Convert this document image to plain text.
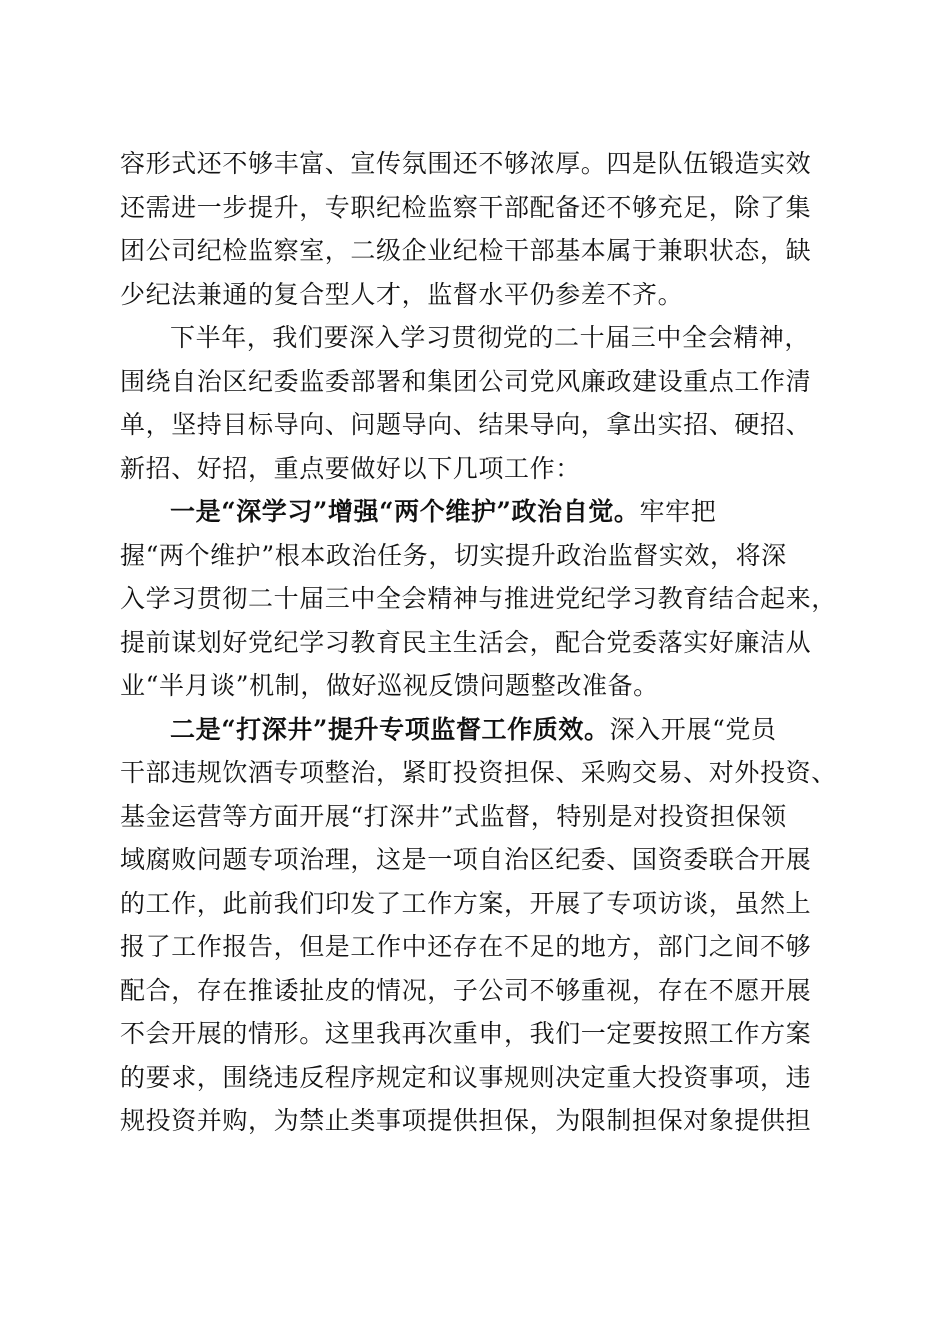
容形式还不够丰富、宣传氛围还不够浓厚。四是队伍锻造实效
还需进一步提升，专职纪检监察干部配备还不够充足，除了集
团公司纪检监察室，二级企业纪检干部基本属于兼职状态，缺
少纪法兼通的复合型人才，监督水平仍参差不齐。
下半年，我们要深入学习贯彻党的二十届三中全会精神，
围绕自治区纪委监委部署和集团公司党风廉政建设重点工作清
单，坚持目标导向、问题导向、结果导向，拿出实招、硬招、
新招、好招，重点要做好以下几项工作：
一是“深学习”增强“两个维护”政治自觉。牢牢把
握“两个维护”根本政治任务，切实提升政治监督实效，将深
入学习贯彻二十届三中全会精神与推进党纪学习教育结合起来，
提前谋划好党纪学习教育民主生活会，配合党委落实好廉洁从
业“半月谈”机制，做好巡视反馈问题整改准备。
二是“打深井”提升专项监督工作质效。深入开展“党员
干部违规饮酒专项整治，紧盯投资担保、采购交易、对外投资、
基金运营等方面开展“打深井”式监督，特别是对投资担保领
域腐败问题专项治理，这是一项自治区纪委、国资委联合开展
的工作，此前我们印发了工作方案，开展了专项访谈，虽然上
报了工作报告，但是工作中还存在不足的地方，部门之间不够
配合，存在推诿扯皮的情况，子公司不够重视，存在不愿开展
不会开展的情形。这里我再次重申，我们一定要按照工作方案
的要求，围绕违反程序规定和议事规则决定重大投资事项，违
规投资并购，为禁止类事项提供担保，为限制担保对象提供担
